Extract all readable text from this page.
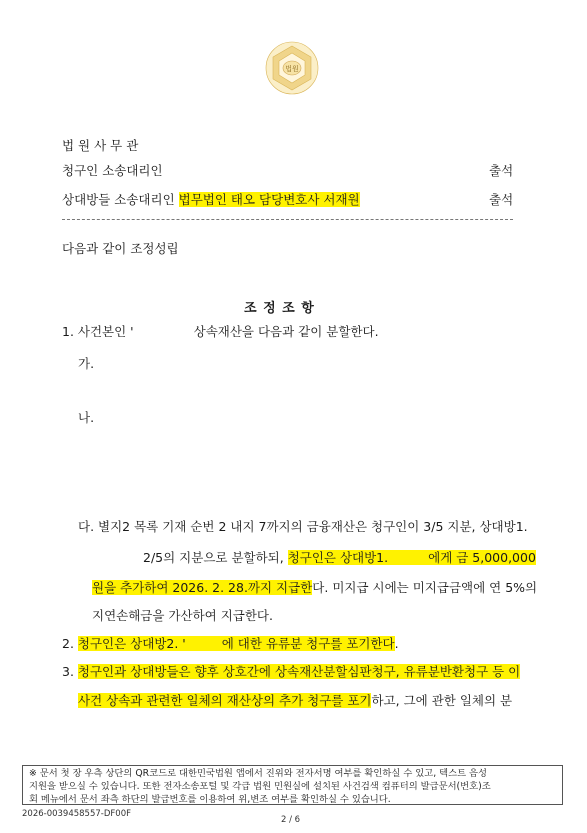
법원
법 원 사 무 관
청구인 소송대리인	출석
상대방들 소송대리인 법무법인 태오 담당변호사 서재원	출석
다음과 같이 조정성립
조 정 조 항
1. 사건본인 '	상속재산을 다음과 같이 분할한다.
가.
나.
다. 별지2 목록 기재 순번 2 내지 7까지의 금융재산은 청구인이 3/5 지분, 상대방1.
2/5의 지분으로 분할하되, 청구인은 상대방1.	에게 금 5,000,000
원을 추가하여 2026. 2. 28.까지 지급한다. 미지급 시에는 미지급금액에 연 5%의
지연손해금을 가산하여 지급한다.
2. 청구인은 상대방2. '	에 대한 유류분 청구를 포기한다.
3. 청구인과 상대방들은 향후 상호간에 상속재산분할심판청구, 유류분반환청구 등 이
사건 상속과 관련한 일체의 재산상의 추가 청구를 포기하고, 그에 관한 일체의 분
※ 문서 첫 장 우측 상단의 QR코드로 대한민국법원 앱에서 진위와 전자서명 여부를 확인하실 수 있고, 텍스트 음성
지원을 받으실 수 있습니다. 또한 전자소송포털 및 각급 법원 민원실에 설치된 사건검색 컴퓨터의 발급문서(번호)조
회 메뉴에서 문서 좌측 하단의 발급번호를 이용하여 위,변조 여부를 확인하실 수 있습니다.
2026-0039458557-DF00F
2 / 6
